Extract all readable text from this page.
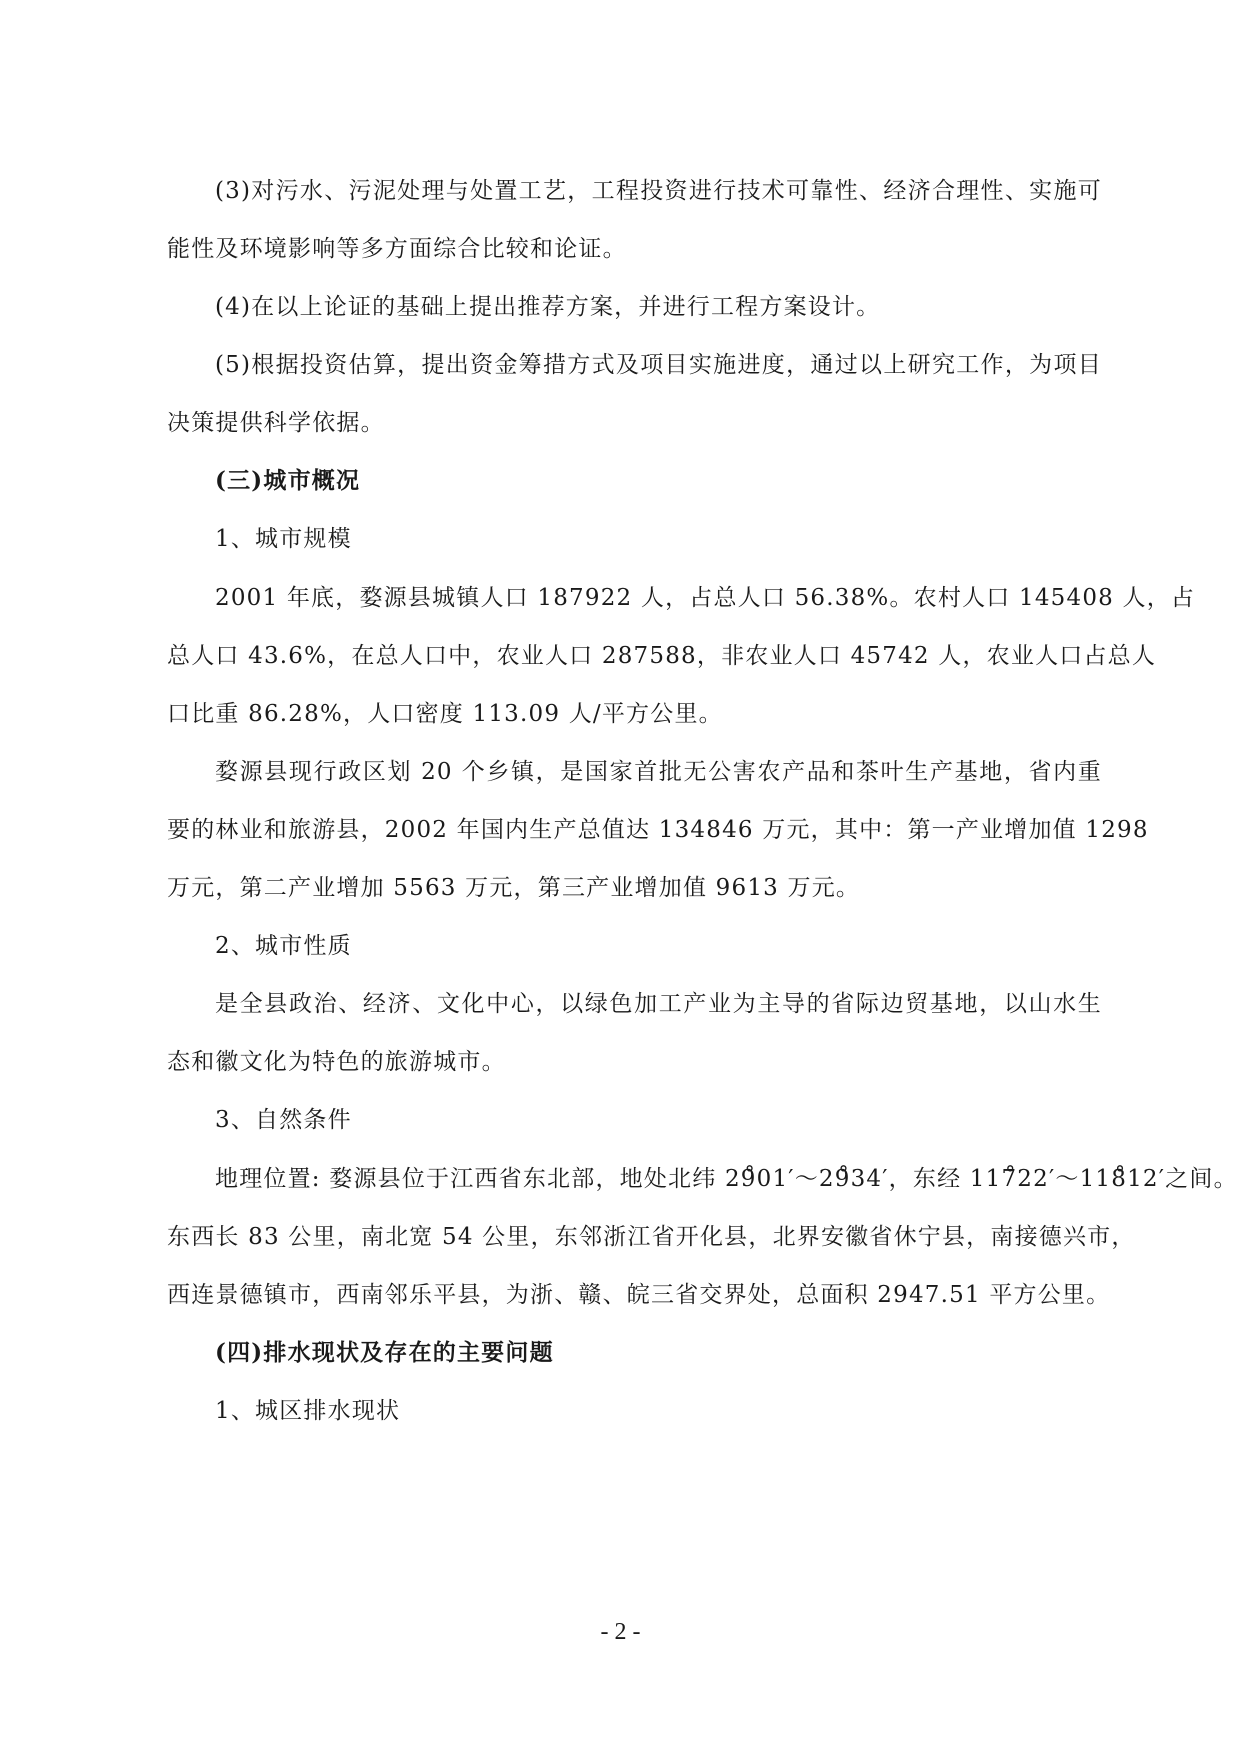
(3)对污水、污泥处理与处置工艺，工程投资进行技术可靠性、经济合理性、实施可
能性及环境影响等多方面综合比较和论证。
(4)在以上论证的基础上提出推荐方案，并进行工程方案设计。
(5)根据投资估算，提出资金筹措方式及项目实施进度，通过以上研究工作，为项目
决策提供科学依据。
(三)城市概况
1、城市规模
2001 年底，婺源县城镇人口 187922 人，占总人口 56.38%。农村人口 145408 人，占
总人口 43.6%，在总人口中，农业人口 287588，非农业人口 45742 人，农业人口占总人
口比重 86.28%，人口密度 113.09 人/平方公里。
婺源县现行政区划 20 个乡镇，是国家首批无公害农产品和茶叶生产基地，省内重
要的林业和旅游县，2002 年国内生产总值达 134846 万元，其中：第一产业增加值 1298
万元，第二产业增加 5563 万元，第三产业增加值 9613 万元。
2、城市性质
是全县政治、经济、文化中心，以绿色加工产业为主导的省际边贸基地，以山水生
态和徽文化为特色的旅游城市。
3、自然条件
地理位置: 婺源县位于江西省东北部，地处北纬 29̊01′～29̊34′，东经 117̊22′～118̊12′之间。
东西长 83 公里，南北宽 54 公里，东邻浙江省开化县，北界安徽省休宁县，南接德兴市，
西连景德镇市，西南邻乐平县，为浙、赣、皖三省交界处，总面积 2947.51 平方公里。
(四)排水现状及存在的主要问题
1、城区排水现状
- 2 -
